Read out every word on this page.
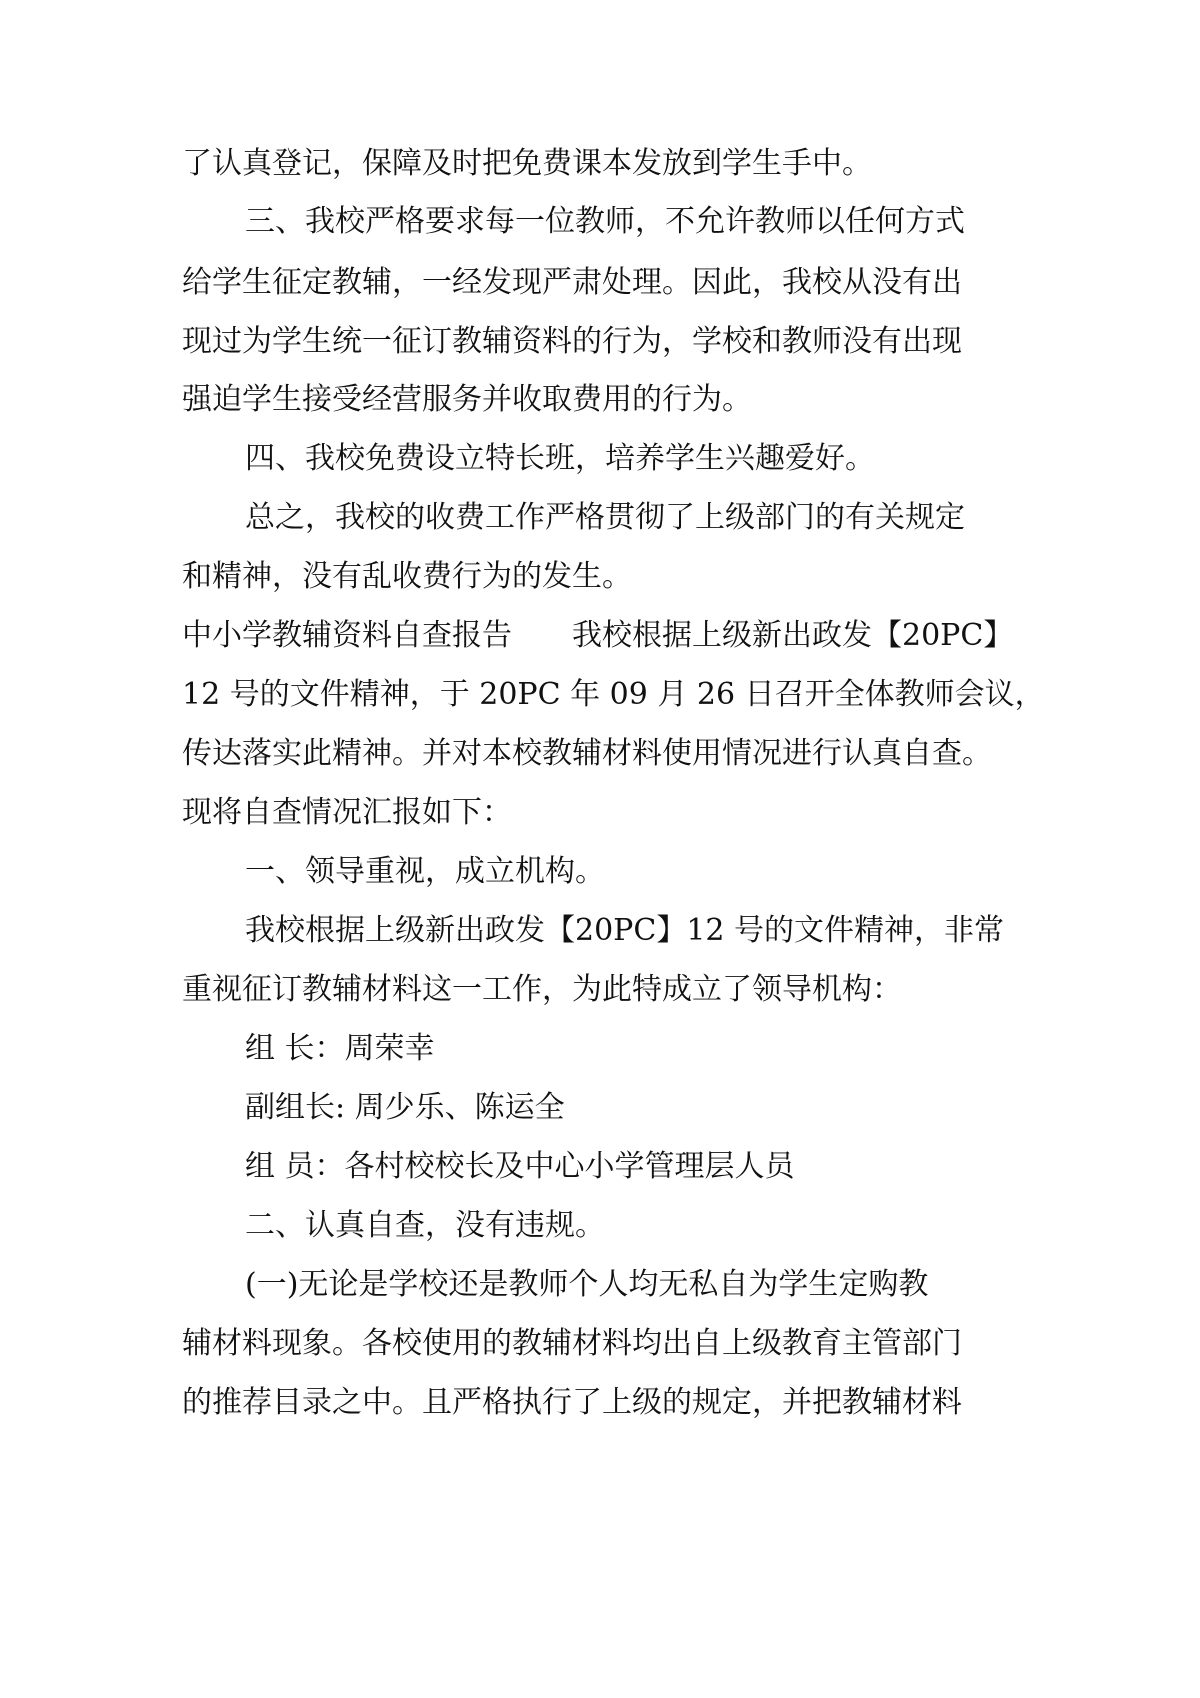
了认真登记，保障及时把免费课本发放到学生手中。
三、我校严格要求每一位教师，不允许教师以任何方式
给学生征定教辅，一经发现严肃处理。因此，我校从没有出
现过为学生统一征订教辅资料的行为，学校和教师没有出现
强迫学生接受经营服务并收取费用的行为。
四、我校免费设立特长班，培养学生兴趣爱好。
总之，我校的收费工作严格贯彻了上级部门的有关规定
和精神，没有乱收费行为的发生。
中小学教辅资料自查报告　　我校根据上级新出政发【20PC】
12 号的文件精神，于 20PC 年 09 月 26 日召开全体教师会议，
传达落实此精神。并对本校教辅材料使用情况进行认真自查。
现将自查情况汇报如下：
一、领导重视，成立机构。
我校根据上级新出政发【20PC】12 号的文件精神，非常
重视征订教辅材料这一工作，为此特成立了领导机构：
组 长：周荣幸
副组长: 周少乐、陈运全
组 员：各村校校长及中心小学管理层人员
二、认真自查，没有违规。
(一)无论是学校还是教师个人均无私自为学生定购教
辅材料现象。各校使用的教辅材料均出自上级教育主管部门
的推荐目录之中。且严格执行了上级的规定，并把教辅材料
